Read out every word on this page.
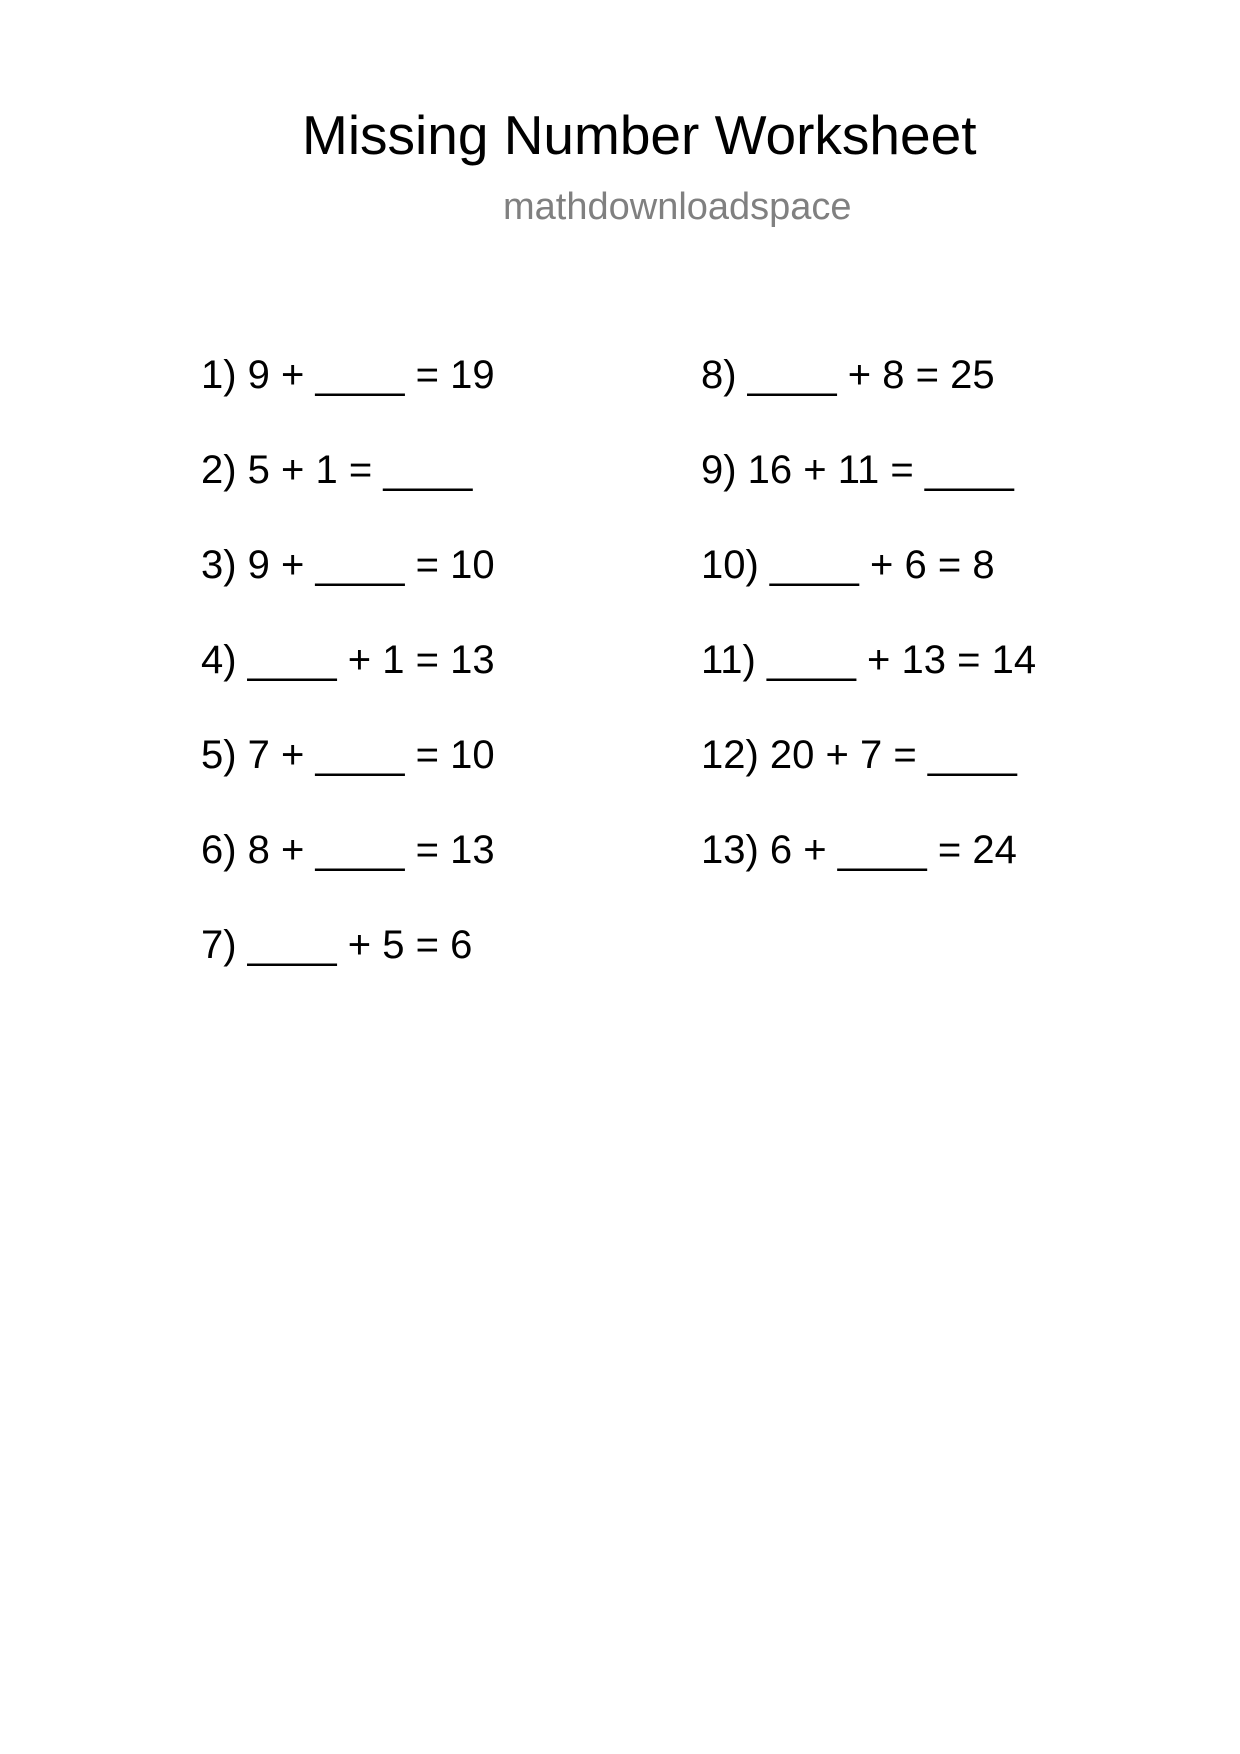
Missing Number Worksheet
mathdownloadspace
1) 9 + ____ = 19
2) 5 + 1 = ____
3) 9 + ____ = 10
4) ____ + 1 = 13
5) 7 + ____ = 10
6) 8 + ____ = 13
7) ____ + 5 = 6
8) ____ + 8 = 25
9) 16 + 11 = ____
10) ____ + 6 = 8
11) ____ + 13 = 14
12) 20 + 7 = ____
13) 6 + ____ = 24
